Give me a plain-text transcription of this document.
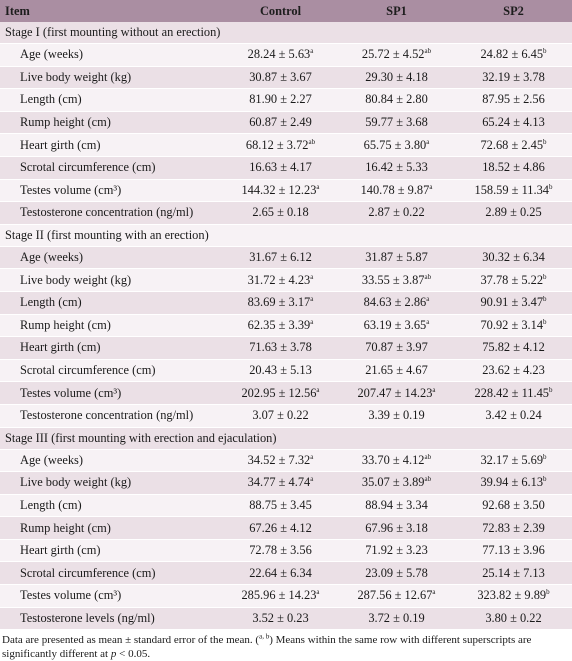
Item	Control	SP1	SP2
Stage I (first mounting without an erection)			
Age (weeks)	28.24 ± 5.63$^a$	25.72 ± 4.52$^{ab}$	24.82 ± 6.45$^b$
Live body weight (kg)	30.87 ± 3.67	29.30 ± 4.18	32.19 ± 3.78
Length (cm)	81.90 ± 2.27	80.84 ± 2.80	87.95 ± 2.56
Rump height (cm)	60.87 ± 2.49	59.77 ± 3.68	65.24 ± 4.13
Heart girth (cm)	68.12 ± 3.72$^{ab}$	65.75 ± 3.80$^a$	72.68 ± 2.45$^b$
Scrotal circumference (cm)	16.63 ± 4.17	16.42 ± 5.33	18.52 ± 4.86
Testes volume (cm³)	144.32 ± 12.23$^a$	140.78 ± 9.87$^a$	158.59 ± 11.34$^b$
Testosterone concentration (ng/ml)	2.65 ± 0.18	2.87 ± 0.22	2.89 ± 0.25
Stage II (first mounting with an erection)			
Age (weeks)	31.67 ± 6.12	31.87 ± 5.87	30.32 ± 6.34
Live body weight (kg)	31.72 ± 4.23$^a$	33.55 ± 3.87$^{ab}$	37.78 ± 5.22$^b$
Length (cm)	83.69 ± 3.17$^a$	84.63 ± 2.86$^a$	90.91 ± 3.47$^b$
Rump height (cm)	62.35 ± 3.39$^a$	63.19 ± 3.65$^a$	70.92 ± 3.14$^b$
Heart girth (cm)	71.63 ± 3.78	70.87 ± 3.97	75.82 ± 4.12
Scrotal circumference (cm)	20.43 ± 5.13	21.65 ± 4.67	23.62 ± 4.23
Testes volume (cm³)	202.95 ± 12.56$^a$	207.47 ± 14.23$^a$	228.42 ± 11.45$^b$
Testosterone concentration (ng/ml)	3.07 ± 0.22	3.39 ± 0.19	3.42 ± 0.24
Stage III (first mounting with erection and ejaculation)			
Age (weeks)	34.52 ± 7.32$^a$	33.70 ± 4.12$^{ab}$	32.17 ± 5.69$^b$
Live body weight (kg)	34.77 ± 4.74$^a$	35.07 ± 3.89$^{ab}$	39.94 ± 6.13$^b$
Length (cm)	88.75 ± 3.45	88.94 ± 3.34	92.68 ± 3.50
Rump height (cm)	67.26 ± 4.12	67.96 ± 3.18	72.83 ± 2.39
Heart girth (cm)	72.78 ± 3.56	71.92 ± 3.23	77.13 ± 3.96
Scrotal circumference (cm)	22.64 ± 6.34	23.09 ± 5.78	25.14 ± 7.13
Testes volume (cm³)	285.96 ± 14.23$^a$	287.56 ± 12.67$^a$	323.82 ± 9.89$^b$
Testosterone levels (ng/ml)	3.52 ± 0.23	3.72 ± 0.19	3.80 ± 0.22
Data are presented as mean ± standard error of the mean. ($^{a, b}$) Means within the same row with different superscripts are significantly different at p < 0.05.
